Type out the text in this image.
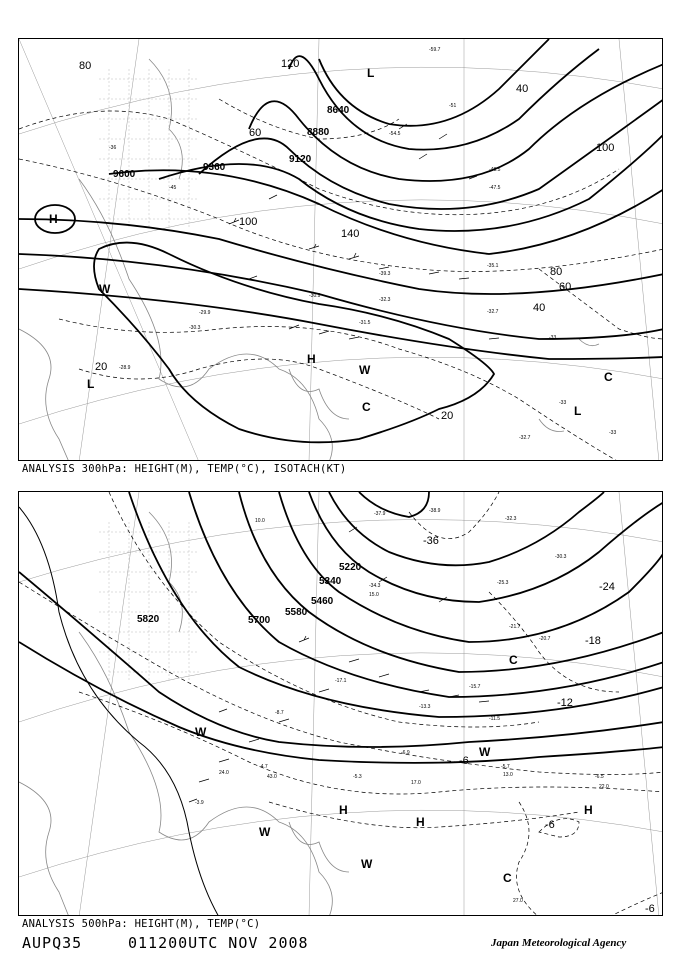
-32.7
-31.5
-35.1
-39.3
-32.3
-48.5
-47.5
-54.5
-59.7
-29.9
-30.3
-28.9
-30.9
-33
-36
-45
-51
-33
-33
-32.7
9600
9360
9120
8880
8640
120
100
100
80
80
60
60
40
40
20
20
140
H
L
L
L
H
C
C
W
W
ANALYSIS 300hPa: HEIGHT(M), TEMP(°C), ISOTACH(KT)
-38.9
-37.9
-34.3
-32.3
-30.3
-25.3
-21.7
-20.7
-17.1
-15.7
-13.3
-11.5
-8.7
-6.9
-5.7
-5.3
-4.7
-3.9
-6.5
15.0
10.0
22.0
27.0
13.0
17.0
24.0
43.0
5820	5700
5580
5460
5340
5220
-36
-24
-18
-12
-6
-6
-6
H
H
H
C
C
W
W
W
W
ANALYSIS 500hPa: HEIGHT(M), TEMP(°C)
AUPQ35	011200UTC NOV 2008	Japan Meteorological Agency
